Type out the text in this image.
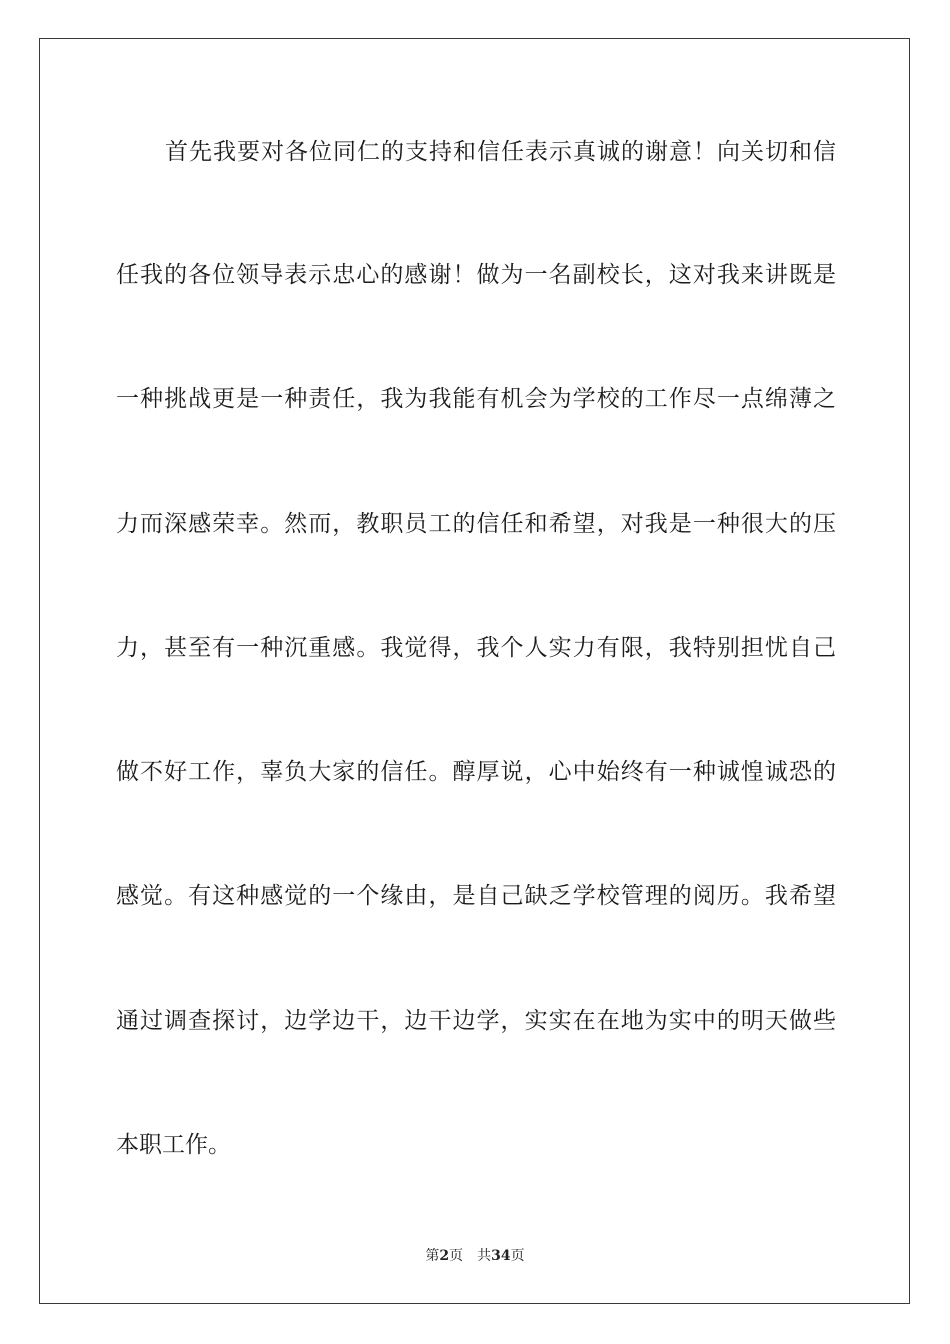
首先我要对各位同仁的支持和信任表示真诚的谢意！向关切和信
任我的各位领导表示忠心的感谢！做为一名副校长，这对我来讲既是
一种挑战更是一种责任，我为我能有机会为学校的工作尽一点绵薄之
力而深感荣幸。然而，教职员工的信任和希望，对我是一种很大的压
力，甚至有一种沉重感。我觉得，我个人实力有限，我特别担忧自己
做不好工作，辜负大家的信任。醇厚说，心中始终有一种诚惶诚恐的
感觉。有这种感觉的一个缘由，是自己缺乏学校管理的阅历。我希望
通过调查探讨，边学边干，边干边学，实实在在地为实中的明天做些
本职工作。
第2页 共34页
